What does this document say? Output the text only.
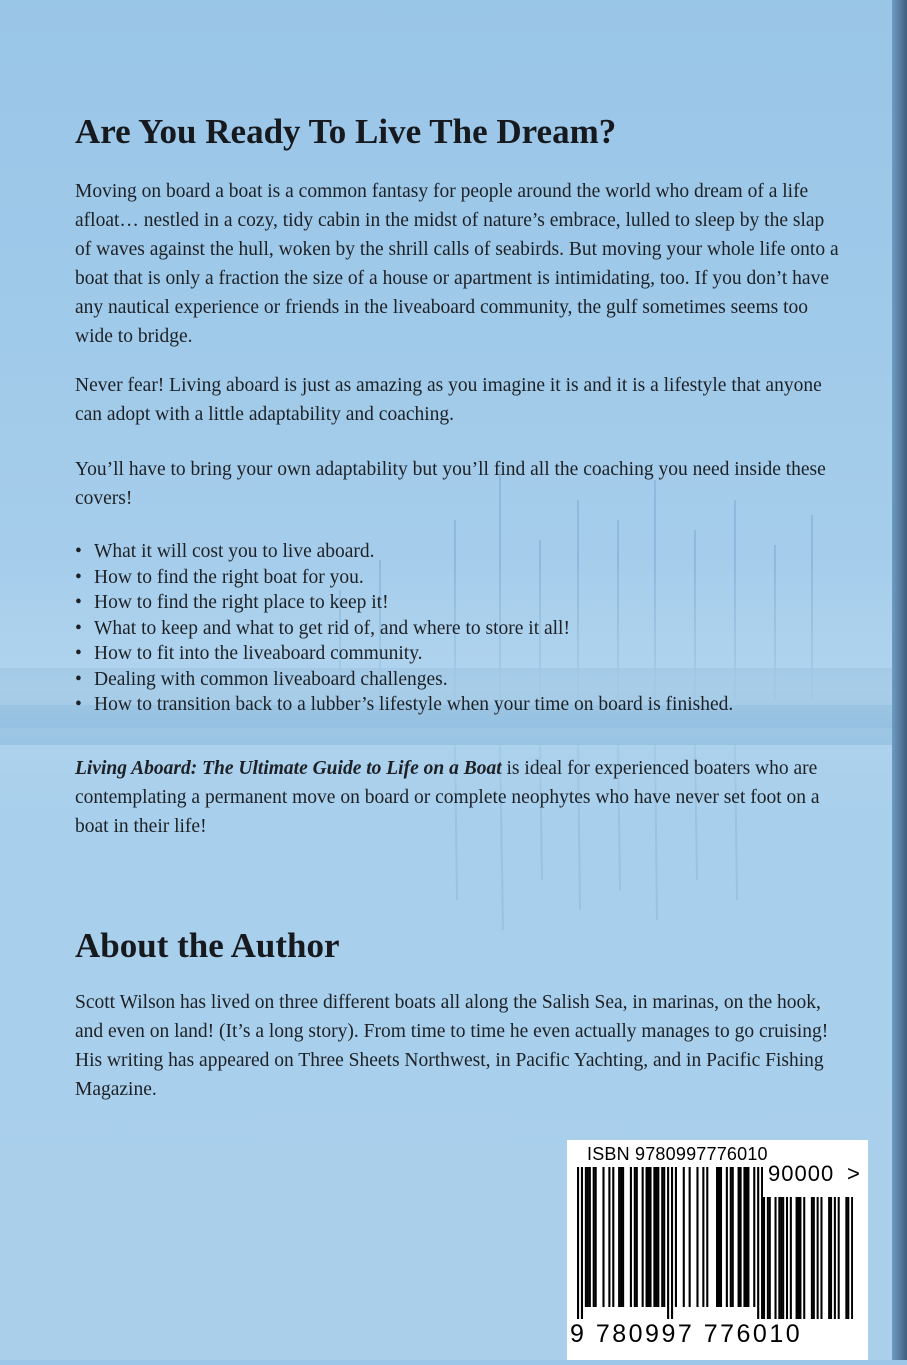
Are You Ready To Live The Dream?

Moving on board a boat is a common fantasy for people around the world who dream of a life afloat… nestled in a cozy, tidy cabin in the midst of nature’s embrace, lulled to sleep by the slap of waves against the hull, woken by the shrill calls of seabirds. But moving your whole life onto a boat that is only a fraction the size of a house or apartment is intimidating, too. If you don’t have any nautical experience or friends in the liveaboard community, the gulf sometimes seems too wide to bridge.

Never fear! Living aboard is just as amazing as you imagine it is and it is a lifestyle that anyone can adopt with a little adaptability and coaching.

You’ll have to bring your own adaptability but you’ll find all the coaching you need inside these covers!

• What it will cost you to live aboard.
• How to find the right boat for you.
• How to find the right place to keep it!
• What to keep and what to get rid of, and where to store it all!
• How to fit into the liveaboard community.
• Dealing with common liveaboard challenges.
• How to transition back to a lubber’s lifestyle when your time on board is finished.

Living Aboard: The Ultimate Guide to Life on a Boat is ideal for experienced boaters who are contemplating a permanent move on board or complete neophytes who have never set foot on a boat in their life!

About the Author

Scott Wilson has lived on three different boats all along the Salish Sea, in marinas, on the hook, and even on land! (It’s a long story). From time to time he even actually manages to go cruising! His writing has appeared on Three Sheets Northwest, in Pacific Yachting, and in Pacific Fishing Magazine.

ISBN 9780997776010
90000 >
9 780997 776010
